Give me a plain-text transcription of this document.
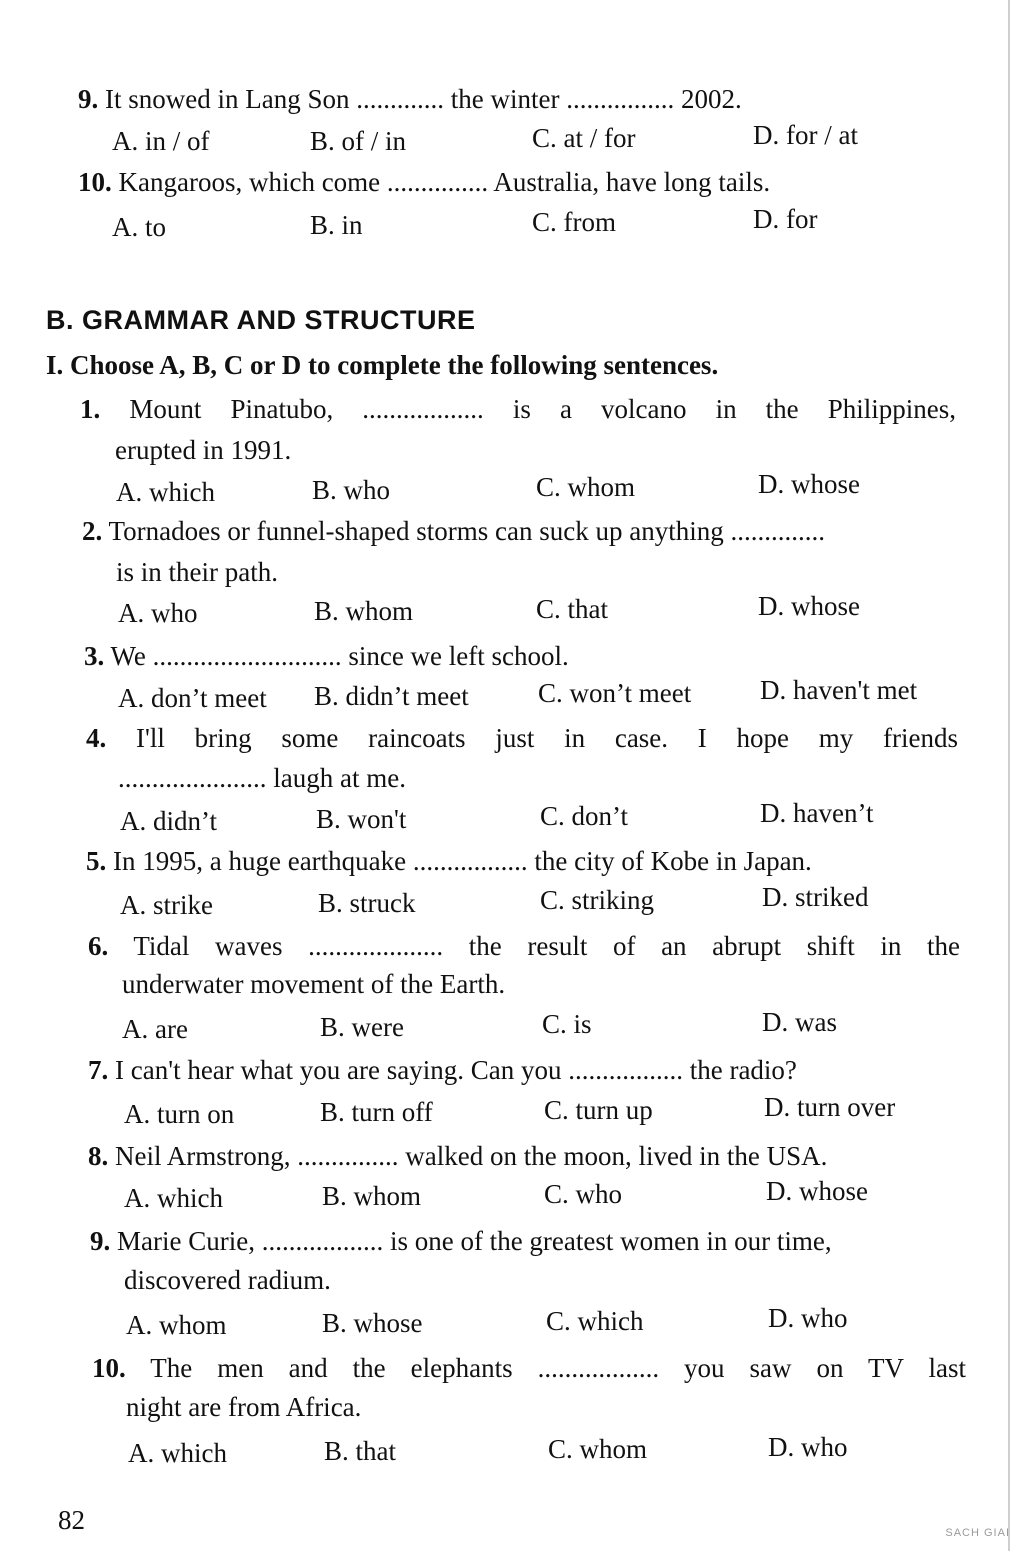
9. It snowed in Lang Son ............. the winter ................ 2002.
A. in / of	B. of / in	C. at / for	D. for / at
10. Kangaroos, which come ............... Australia, have long tails.
A. to	B. in	C. from	D. for
B. GRAMMAR AND STRUCTURE
I. Choose A, B, C or D to complete the following sentences.
1. Mount Pinatubo, .................. is a volcano in the Philippines,
erupted in 1991.
A. which	B. who	C. whom	D. whose
2. Tornadoes or funnel-shaped storms can suck up anything ..............
is in their path.
A. who	B. whom	C. that	D. whose
3. We ............................ since we left school.
A. don’t meet B. didn’t meet	C. won’t meet	D. haven't met
4. I'll bring some raincoats just in case. I hope my friends
...................... laugh at me.
A. didn’t	B. won't	C. don’t	D. haven’t
5. In 1995, a huge earthquake ................. the city of Kobe in Japan.
A. strike	B. struck	C. striking	D. striked
6. Tidal waves .................... the result of an abrupt shift in the
underwater movement of the Earth.
A. are	B. were	C. is	D. was
7. I can't hear what you are saying. Can you ................. the radio?
A. turn on	B. turn off	C. turn up	D. turn over
8. Neil Armstrong, ............... walked on the moon, lived in the USA.
A. which	B. whom	C. who	D. whose
9. Marie Curie, .................. is one of the greatest women in our time,
discovered radium.
A. whom	B. whose	C. which	D. who
10. The men and the elephants .................. you saw on TV last
night are from Africa.
A. which	B. that	C. whom	D. who
82	SACH GIAI
